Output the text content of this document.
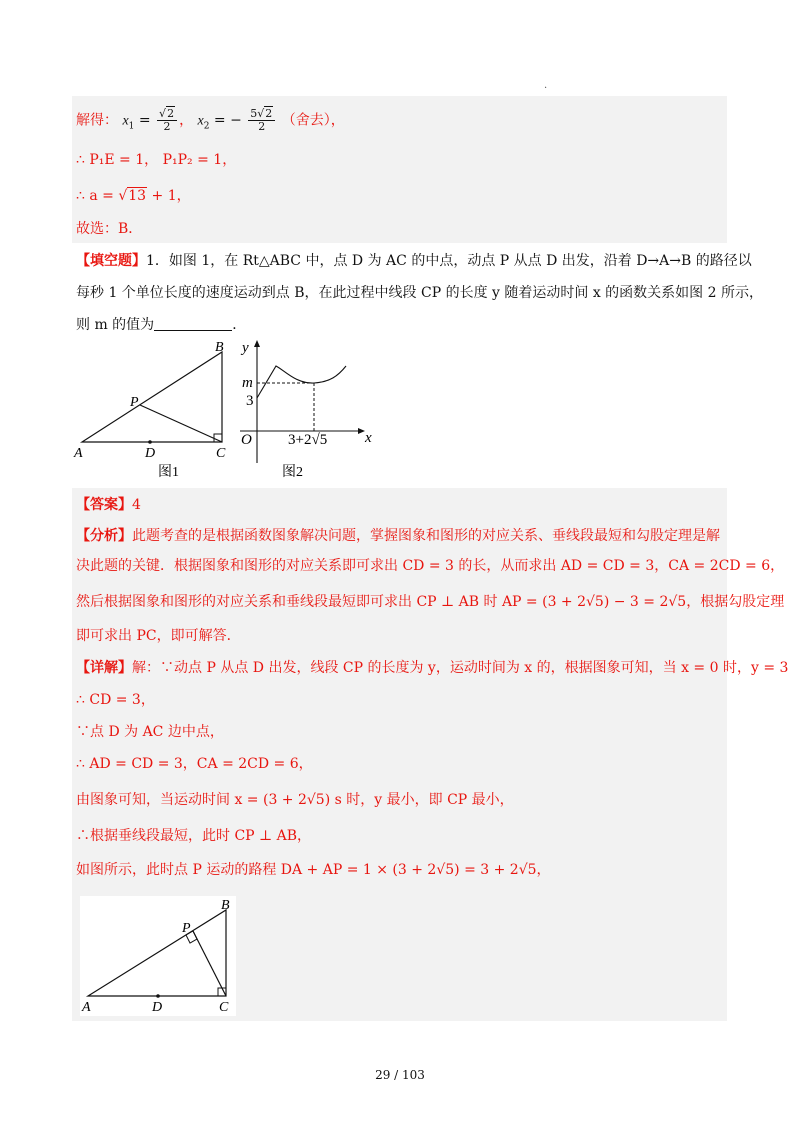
.
解得： $x_1 = \frac{√2}{2}$ ， $x_2$ = − $\frac{5√2}{2}$ （舍去），
∴ P₁E = 1， P₁P₂ = 1，
∴ a = √13 + 1，
故选：B．
【填空题】1．如图 1，在 Rt△ABC 中，点 D 为 AC 的中点，动点 P 从点 D 出发，沿着 D→A→B 的路径以
每秒 1 个单位长度的速度运动到点 B，在此过程中线段 CP 的长度 y 随着运动时间 x 的函数关系如图 2 所示，
则 m 的值为	．
A
B
C
D
P
图1
y
m
3
O 3+2√5	x
图2
【答案】4
【分析】此题考查的是根据函数图象解决问题，掌握图象和图形的对应关系、垂线段最短和勾股定理是解
决此题的关键．根据图象和图形的对应关系即可求出 CD = 3 的长，从而求出 AD = CD = 3，CA = 2CD = 6，
然后根据图象和图形的对应关系和垂线段最短即可求出 CP ⊥ AB 时 AP = (3 + 2√5) − 3 = 2√5，根据勾股定理
即可求出 PC，即可解答．
【详解】解：∵动点 P 从点 D 出发，线段 CP 的长度为 y，运动时间为 x 的，根据图象可知，当 x = 0 时，y = 3
∴ CD = 3，
∵点 D 为 AC 边中点，
∴ AD = CD = 3，CA = 2CD = 6，
由图象可知，当运动时间 x = (3 + 2√5) s 时，y 最小，即 CP 最小，
∴根据垂线段最短，此时 CP ⊥ AB，
如图所示，此时点 P 运动的路程 DA + AP = 1 × (3 + 2√5) = 3 + 2√5，
A
B
C
D
P
29 / 103
